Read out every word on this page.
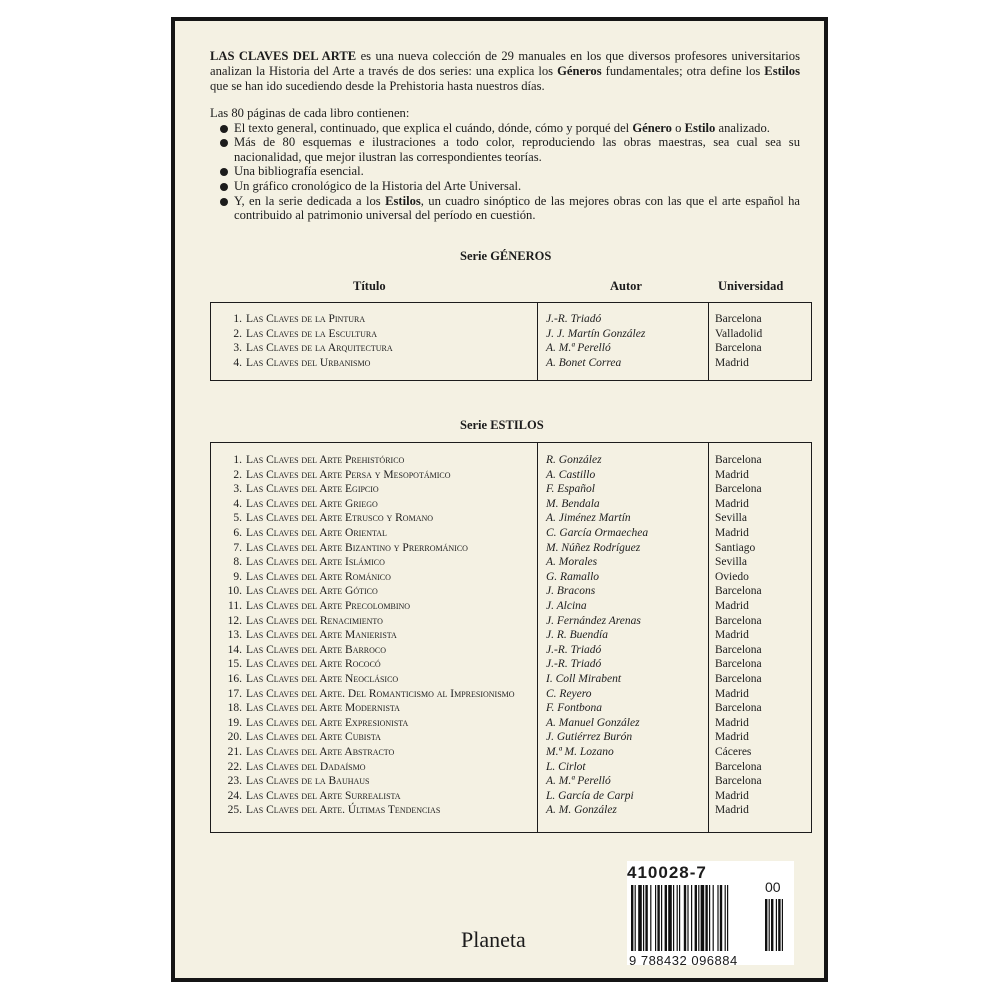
LAS CLAVES DEL ARTE es una nueva colección de 29 manuales en los que diversos profesores universitarios analizan la Historia del Arte a través de dos series: una explica los Géneros fundamentales; otra define los Estilos que se han ido sucediendo desde la Prehistoria hasta nuestros días.
Las 80 páginas de cada libro contienen:
El texto general, continuado, que explica el cuándo, dónde, cómo y porqué del Género o Estilo analizado.
Más de 80 esquemas e ilustraciones a todo color, reproduciendo las obras maestras, sea cual sea su nacionalidad, que mejor ilustran las correspondientes teorías.
Una bibliografía esencial.
Un gráfico cronológico de la Historia del Arte Universal.
Y, en la serie dedicada a los Estilos, un cuadro sinóptico de las mejores obras con las que el arte español ha contribuido al patrimonio universal del período en cuestión.
Serie GÉNEROS
Título	Autor	Universidad
1. Las Claves de la Pintura	J.-R. Triadó	Barcelona
2. Las Claves de la Escultura	J. J. Martín González	Valladolid
3. Las Claves de la Arquitectura	A. M.ª Perelló	Barcelona
4. Las Claves del Urbanismo	A. Bonet Correa	Madrid
Serie ESTILOS
1. Las Claves del Arte Prehistórico	R. González	Barcelona
2. Las Claves del Arte Persa y Mesopotámico	A. Castillo	Madrid
3. Las Claves del Arte Egipcio	F. Español	Barcelona
4. Las Claves del Arte Griego	M. Bendala	Madrid
5. Las Claves del Arte Etrusco y Romano	A. Jiménez Martín	Sevilla
6. Las Claves del Arte Oriental	C. García Ormaechea	Madrid
7. Las Claves del Arte Bizantino y Prerrománico	M. Núñez Rodríguez	Santiago
8. Las Claves del Arte Islámico	A. Morales	Sevilla
9. Las Claves del Arte Románico	G. Ramallo	Oviedo
10. Las Claves del Arte Gótico	J. Bracons	Barcelona
11. Las Claves del Arte Precolombino	J. Alcina	Madrid
12. Las Claves del Renacimiento	J. Fernández Arenas	Barcelona
13. Las Claves del Arte Manierista	J. R. Buendía	Madrid
14. Las Claves del Arte Barroco	J.-R. Triadó	Barcelona
15. Las Claves del Arte Rococó	J.-R. Triadó	Barcelona
16. Las Claves del Arte Neoclásico	I. Coll Mirabent	Barcelona
17. Las Claves del Arte. Del Romanticismo al Impresionismo	C. Reyero	Madrid
18. Las Claves del Arte Modernista	F. Fontbona	Barcelona
19. Las Claves del Arte Expresionista	A. Manuel González	Madrid
20. Las Claves del Arte Cubista	J. Gutiérrez Burón	Madrid
21. Las Claves del Arte Abstracto	M.ª M. Lozano	Cáceres
22. Las Claves del Dadaísmo	L. Cirlot	Barcelona
23. Las Claves de la Bauhaus	A. M.ª Perelló	Barcelona
24. Las Claves del Arte Surrealista	L. García de Carpi	Madrid
25. Las Claves del Arte. Últimas Tendencias	A. M. González	Madrid
410028-7
00
9 788432 096884
Planeta
